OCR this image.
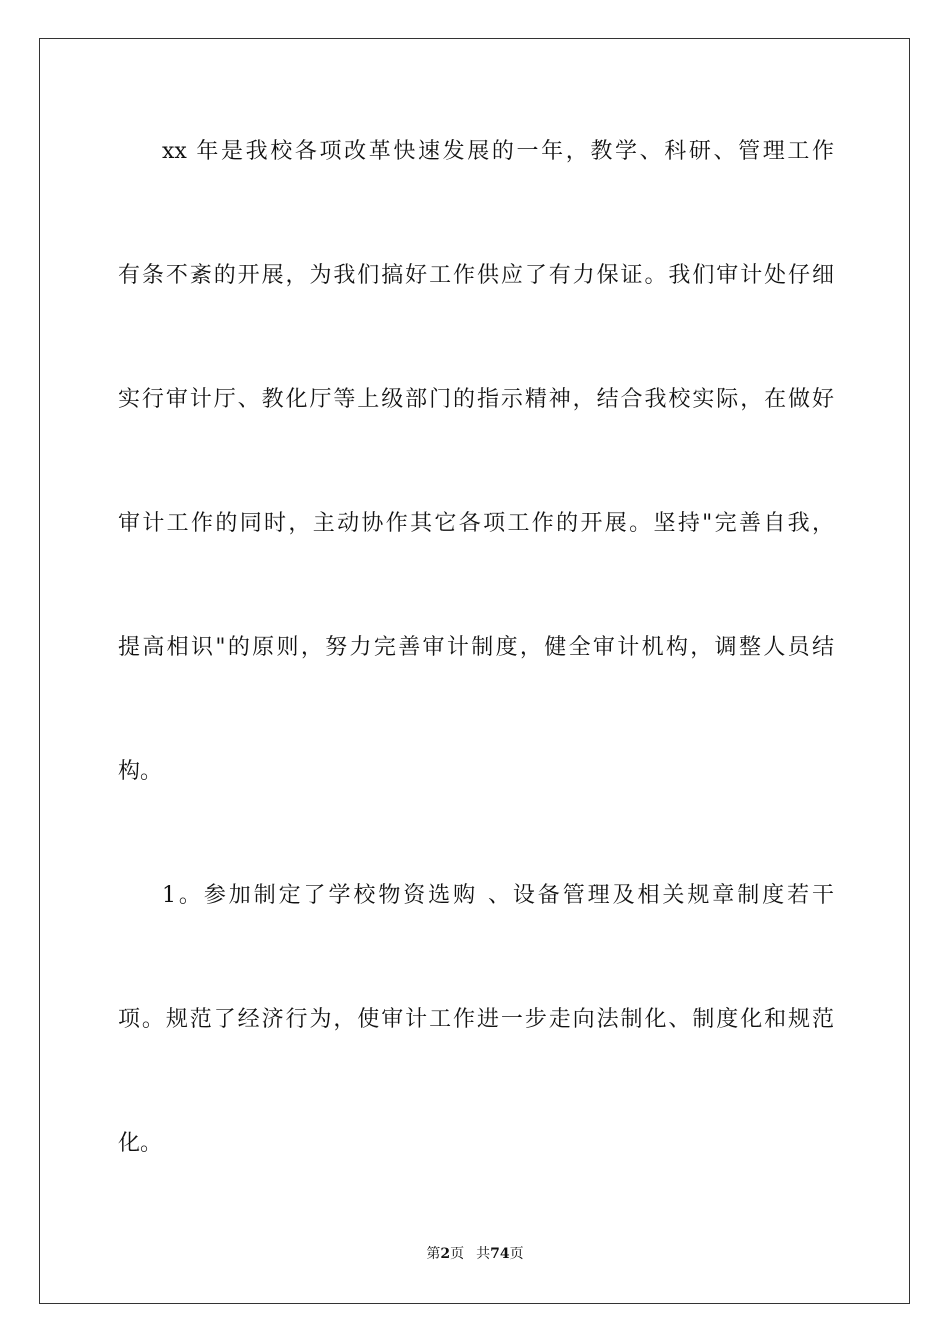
xx 年是我校各项改革快速发展的一年，教学、科研、管理工作
有条不紊的开展，为我们搞好工作供应了有力保证。我们审计处仔细
实行审计厅、教化厅等上级部门的指示精神，结合我校实际，在做好
审计工作的同时，主动协作其它各项工作的开展。坚持"完善自我，
提高相识"的原则，努力完善审计制度，健全审计机构，调整人员结
构。
1。参加制定了学校物资选购 、设备管理及相关规章制度若干
项。规范了经济行为，使审计工作进一步走向法制化、制度化和规范
化。
第2页 共74页
